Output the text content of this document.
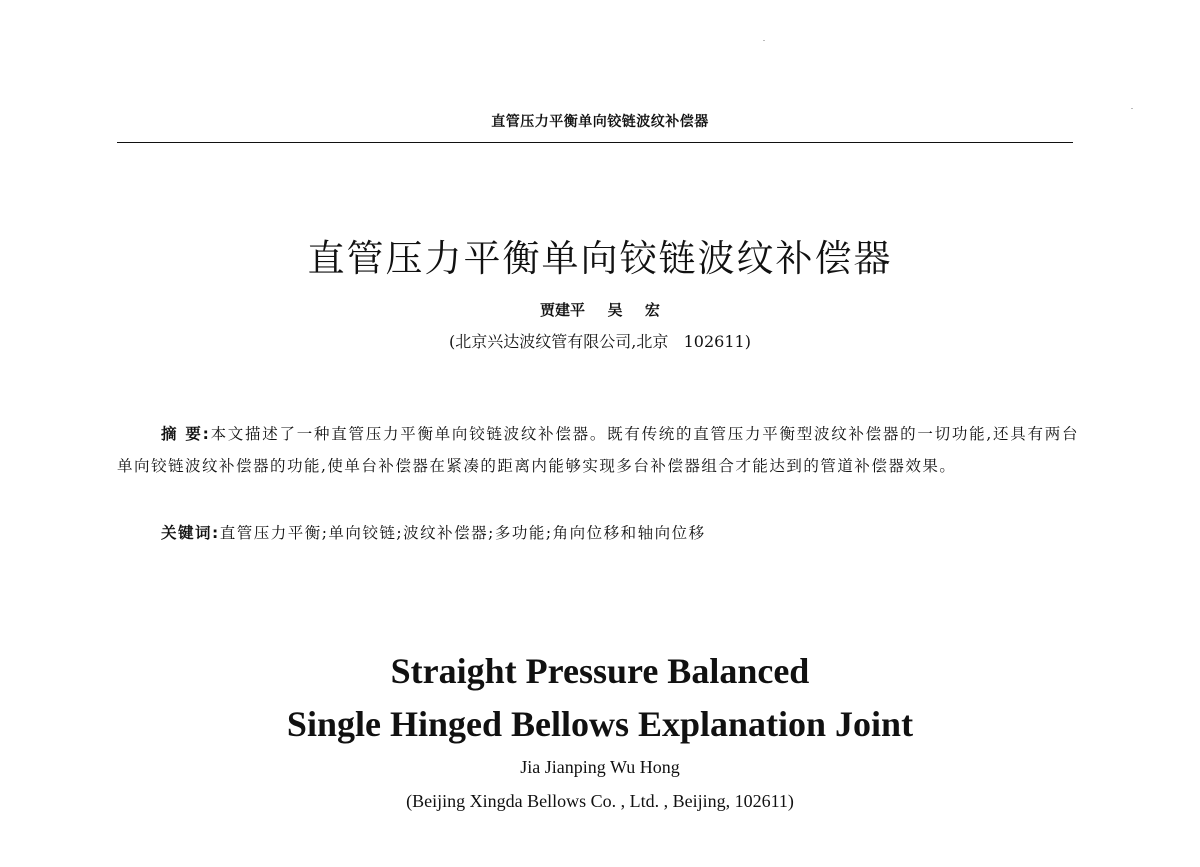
直管压力平衡单向铰链波纹补偿器
直管压力平衡单向铰链波纹补偿器
贾建平  吴  宏
(北京兴达波纹管有限公司,北京   102611)
摘 要:本文描述了一种直管压力平衡单向铰链波纹补偿器。既有传统的直管压力平衡型波纹补偿器的一切功能,还具有两台单向铰链波纹补偿器的功能,使单台补偿器在紧凑的距离内能够实现多台补偿器组合才能达到的管道补偿器效果。
关键词:直管压力平衡;单向铰链;波纹补偿器;多功能;角向位移和轴向位移
Straight Pressure Balanced
Single Hinged Bellows Explanation Joint
Jia Jianping Wu Hong
(Beijing Xingda Bellows Co. , Ltd. , Beijing, 102611)
